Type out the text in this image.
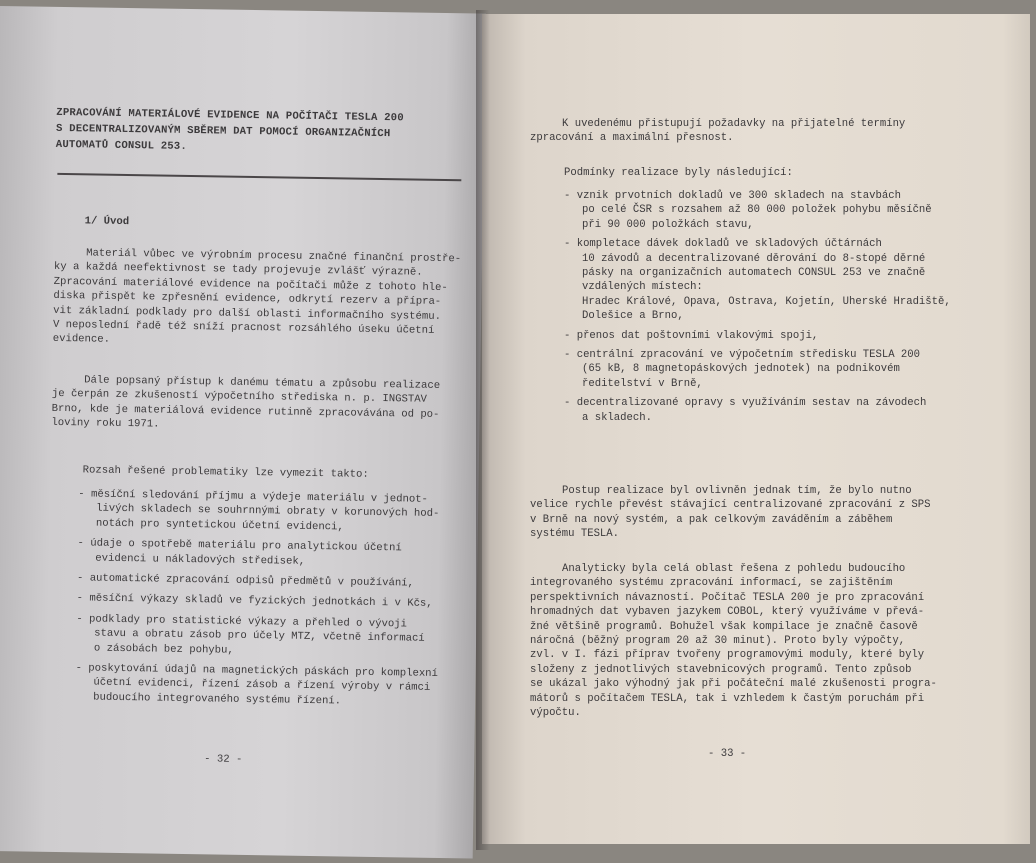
ZPRACOVÁNÍ MATERIÁLOVÉ EVIDENCE NA POČÍTAČI TESLA 200
S DECENTRALIZOVANÝM SBĚREM DAT POMOCÍ ORGANIZAČNÍCH
AUTOMATŮ CONSUL 253.
1/ Úvod
Materiál vůbec ve výrobním procesu značné finanční prostře-
ky a každá neefektivnost se tady projevuje zvlášť výrazně.
Zpracování materiálové evidence na počítači může z tohoto hle-
diska přispět ke zpřesnění evidence, odkrytí rezerv a přípra-
vit základní podklady pro další oblasti informačního systému.
V neposlední řadě též sníží pracnost rozsáhlého úseku účetní
evidence.
Dále popsaný přístup k danému tématu a způsobu realizace
je čerpán ze zkušeností výpočetního střediska n. p. INGSTAV
Brno, kde je materiálová evidence rutinně zpracovávána od po-
loviny roku 1971.
Rozsah řešené problematiky lze vymezit takto:
- měsíční sledování příjmu a výdeje materiálu v jednot-
livých skladech se souhrnnými obraty v korunových hod-
notách pro syntetickou účetní evidenci,
- údaje o spotřebě materiálu pro analytickou účetní
evidenci u nákladových středisek,
- automatické zpracování odpisů předmětů v používání,
- měsíční výkazy skladů ve fyzických jednotkách i v Kčs,
- podklady pro statistické výkazy a přehled o vývoji
stavu a obratu zásob pro účely MTZ, včetně informací
o zásobách bez pohybu,
- poskytování údajů na magnetických páskách pro komplexní
účetní evidenci, řízení zásob a řízení výroby v rámci
budoucího integrovaného systému řízení.
- 32 -
K uvedenému přistupují požadavky na přijatelné termíny
zpracování a maximální přesnost.
Podmínky realizace byly následující:
- vznik prvotních dokladů ve 300 skladech na stavbách
po celé ČSR s rozsahem až 80 000 položek pohybu měsíčně
při 90 000 položkách stavu,
- kompletace dávek dokladů ve skladových účtárnách
10 závodů a decentralizované děrování do 8-stopé děrné
pásky na organizačních automatech CONSUL 253 ve značně
vzdálených místech:
Hradec Králové, Opava, Ostrava, Kojetín, Uherské Hradiště,
Dolešice a Brno,
- přenos dat poštovními vlakovými spoji,
- centrální zpracování ve výpočetním středisku TESLA 200
(65 kB, 8 magnetopáskových jednotek) na podnikovém
ředitelství v Brně,
- decentralizované opravy s využíváním sestav na závodech
a skladech.
Postup realizace byl ovlivněn jednak tím, že bylo nutno
velice rychle převést stávající centralizované zpracování z SPS
v Brně na nový systém, a pak celkovým zaváděním a záběhem
systému TESLA.
Analyticky byla celá oblast řešena z pohledu budoucího
integrovaného systému zpracování informací, se zajištěním
perspektivních návazností. Počítač TESLA 200 je pro zpracování
hromadných dat vybaven jazykem COBOL, který využíváme v převá-
žné většině programů. Bohužel však kompilace je značně časově
náročná (běžný program 20 až 30 minut). Proto byly výpočty,
zvl. v I. fázi příprav tvořeny programovými moduly, které byly
složeny z jednotlivých stavebnicových programů. Tento způsob
se ukázal jako výhodný jak při počáteční malé zkušenosti progra-
mátorů s počítačem TESLA, tak i vzhledem k častým poruchám při
výpočtu.
- 33 -
